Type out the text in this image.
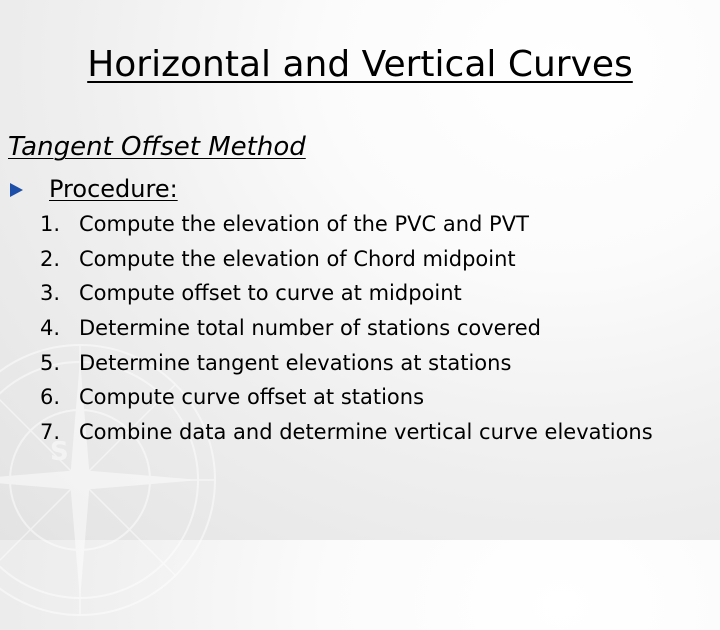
S
Horizontal and Vertical Curves
Tangent Offset Method
Procedure:
1. Compute the elevation of the PVC and PVT
2. Compute the elevation of Chord midpoint
3. Compute offset to curve at midpoint
4. Determine total number of stations covered
5. Determine tangent elevations at stations
6. Compute curve offset at stations
7. Combine data and determine vertical curve elevations
